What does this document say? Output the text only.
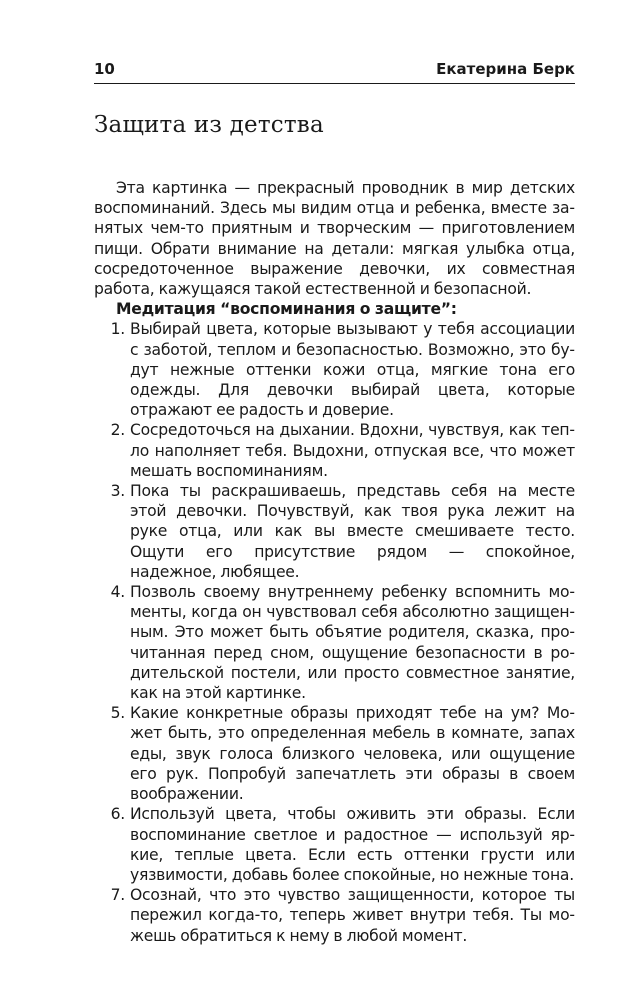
10	Екатерина Берк
Защита из детства

Эта картинка — прекрасный проводник в мир детских воспоминаний. Здесь мы видим отца и ребенка, вместе занятых чем-то приятным и творческим — приготовлением пищи. Обрати внимание на детали: мягкая улыбка отца, сосредоточенное выражение девочки, их совместная работа, кажущаяся такой естественной и безопасной.

Медитация “воспоминания о защите”:

1. Выбирай цвета, которые вызывают у тебя ассоциации с заботой, теплом и безопасностью. Возможно, это будут нежные оттенки кожи отца, мягкие тона его одежды. Для девочки выбирай цвета, которые отражают ее радость и доверие.
2. Сосредоточься на дыхании. Вдохни, чувствуя, как тепло наполняет тебя. Выдохни, отпуская все, что может мешать воспоминаниям.
3. Пока ты раскрашиваешь, представь себя на месте этой девочки. Почувствуй, как твоя рука лежит на руке отца, или как вы вместе смешиваете тесто. Ощути его присутствие рядом — спокойное, надежное, любящее.
4. Позволь своему внутреннему ребенку вспомнить моменты, когда он чувствовал себя абсолютно защищенным. Это может быть объятие родителя, сказка, прочитанная перед сном, ощущение безопасности в родительской постели, или просто совместное занятие, как на этой картинке.
5. Какие конкретные образы приходят тебе на ум? Может быть, это определенная мебель в комнате, запах еды, звук голоса близкого человека, или ощущение его рук. Попробуй запечатлеть эти образы в своем воображении.
6. Используй цвета, чтобы оживить эти образы. Если воспоминание светлое и радостное — используй яркие, теплые цвета. Если есть оттенки грусти или уязвимости, добавь более спокойные, но нежные тона.
7. Осознай, что это чувство защищенности, которое ты пережил когда-то, теперь живет внутри тебя. Ты можешь обратиться к нему в любой момент.
